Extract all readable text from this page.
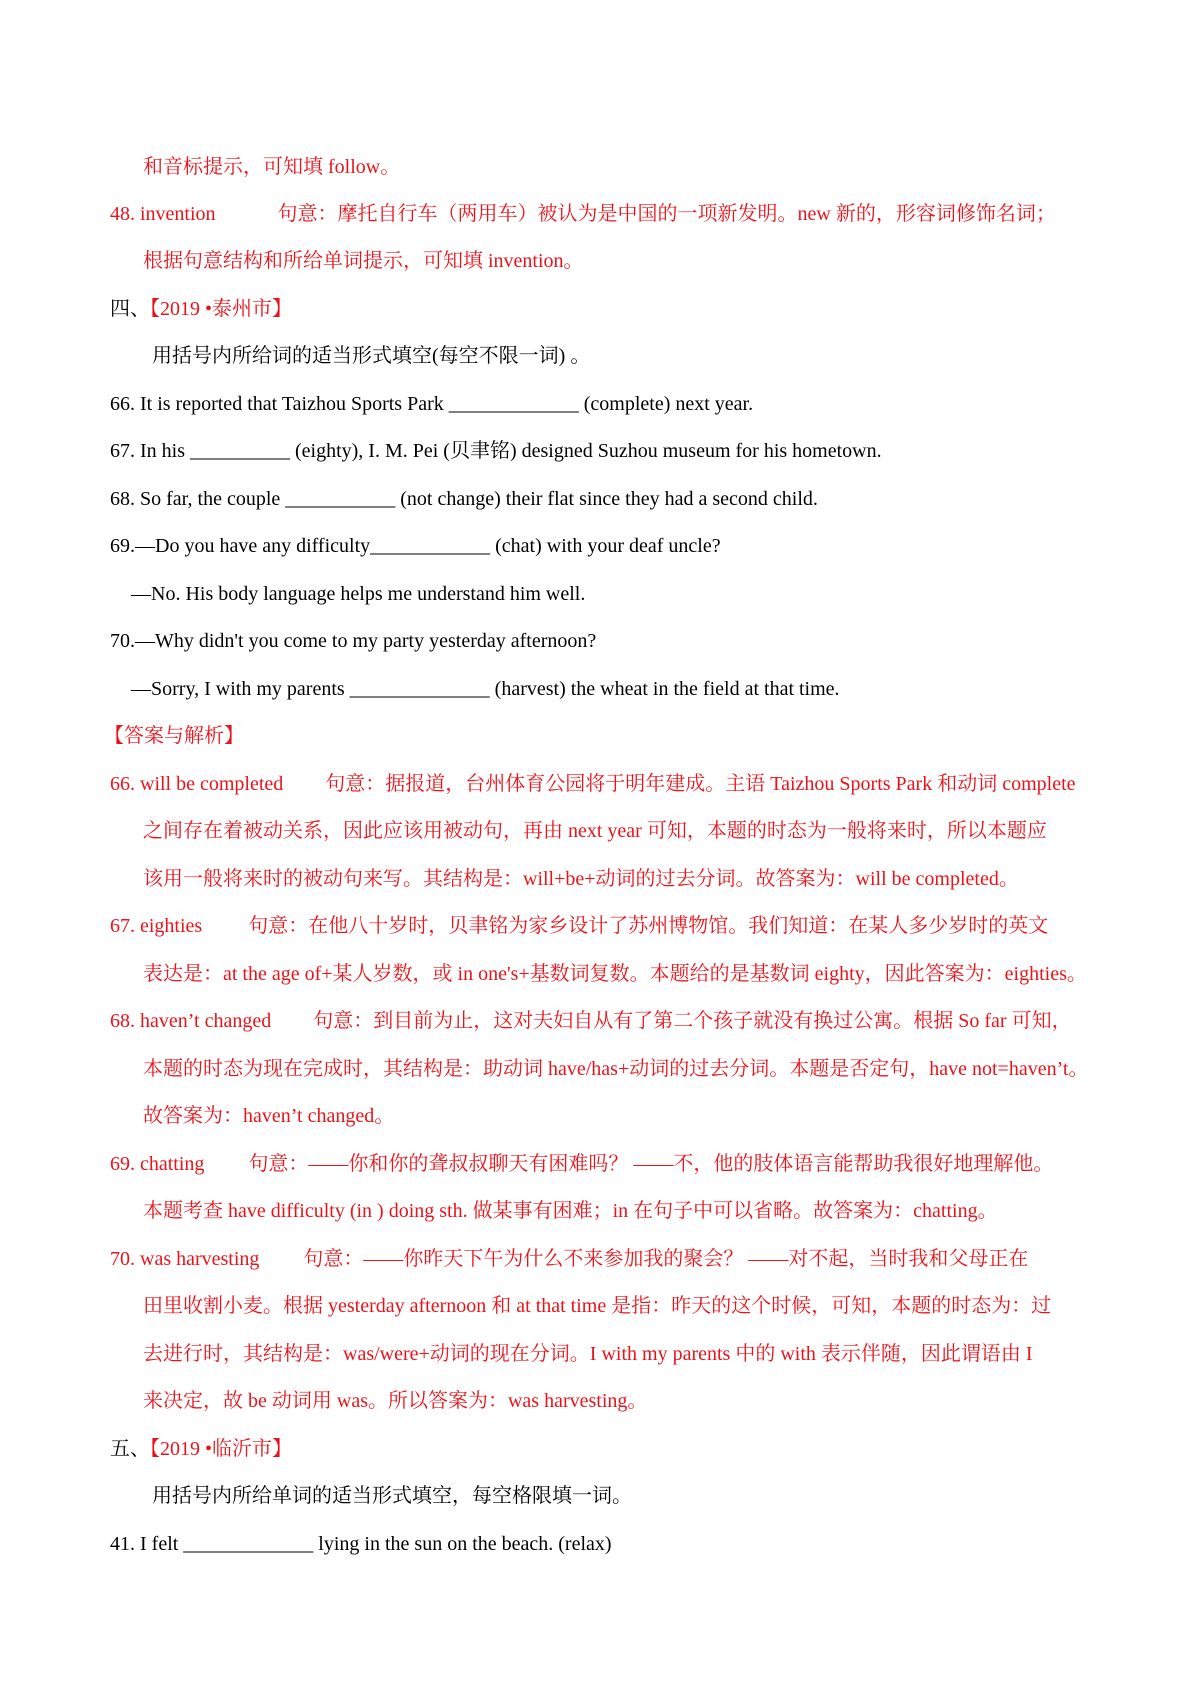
和音标提示，可知填 follow。
48. invention	句意：摩托自行车（两用车）被认为是中国的一项新发明。new 新的，形容词修饰名词；
根据句意结构和所给单词提示，可知填 invention。
四、【2019 •泰州市】
用括号内所给词的适当形式填空(每空不限一词) 。
66. It is reported that Taizhou Sports Park _____________ (complete) next year.
67. In his __________ (eighty), I. M. Pei (贝聿铭) designed Suzhou museum for his hometown.
68. So far, the couple ___________ (not change) their flat since they had a second child.
69.—Do you have any difficulty____________ (chat) with your deaf uncle?
—No. His body language helps me understand him well.
70.—Why didn't you come to my party yesterday afternoon?
—Sorry, I with my parents ______________ (harvest) the wheat in the field at that time.
【答案与解析】
66. will be completed 句意：据报道，台州体育公园将于明年建成。主语 Taizhou Sports Park 和动词 complete
之间存在着被动关系，因此应该用被动句，再由 next year 可知，本题的时态为一般将来时，所以本题应
该用一般将来时的被动句来写。其结构是：will+be+动词的过去分词。故答案为：will be completed。
67. eighties 句意：在他八十岁时，贝聿铭为家乡设计了苏州博物馆。我们知道：在某人多少岁时的英文
表达是：at the age of+某人岁数，或 in one's+基数词复数。本题给的是基数词 eighty，因此答案为：eighties。
68. haven’t changed 句意：到目前为止，这对夫妇自从有了第二个孩子就没有换过公寓。根据 So far 可知，
本题的时态为现在完成时，其结构是：助动词 have/has+动词的过去分词。本题是否定句，have not=haven’t。
故答案为：haven’t changed。
69. chatting 句意：——你和你的聋叔叔聊天有困难吗？ ——不，他的肢体语言能帮助我很好地理解他。
本题考查 have difficulty (in ) doing sth. 做某事有困难；in 在句子中可以省略。故答案为：chatting。
70. was harvesting 句意：——你昨天下午为什么不来参加我的聚会？ ——对不起，当时我和父母正在
田里收割小麦。根据 yesterday afternoon 和 at that time 是指：昨天的这个时候，可知，本题的时态为：过
去进行时，其结构是：was/were+动词的现在分词。I with my parents 中的 with 表示伴随，因此谓语由 I
来决定，故 be 动词用 was。所以答案为：was harvesting。
五、【2019 •临沂市】
用括号内所给单词的适当形式填空，每空格限填一词。
41. I felt _____________ lying in the sun on the beach. (relax)
